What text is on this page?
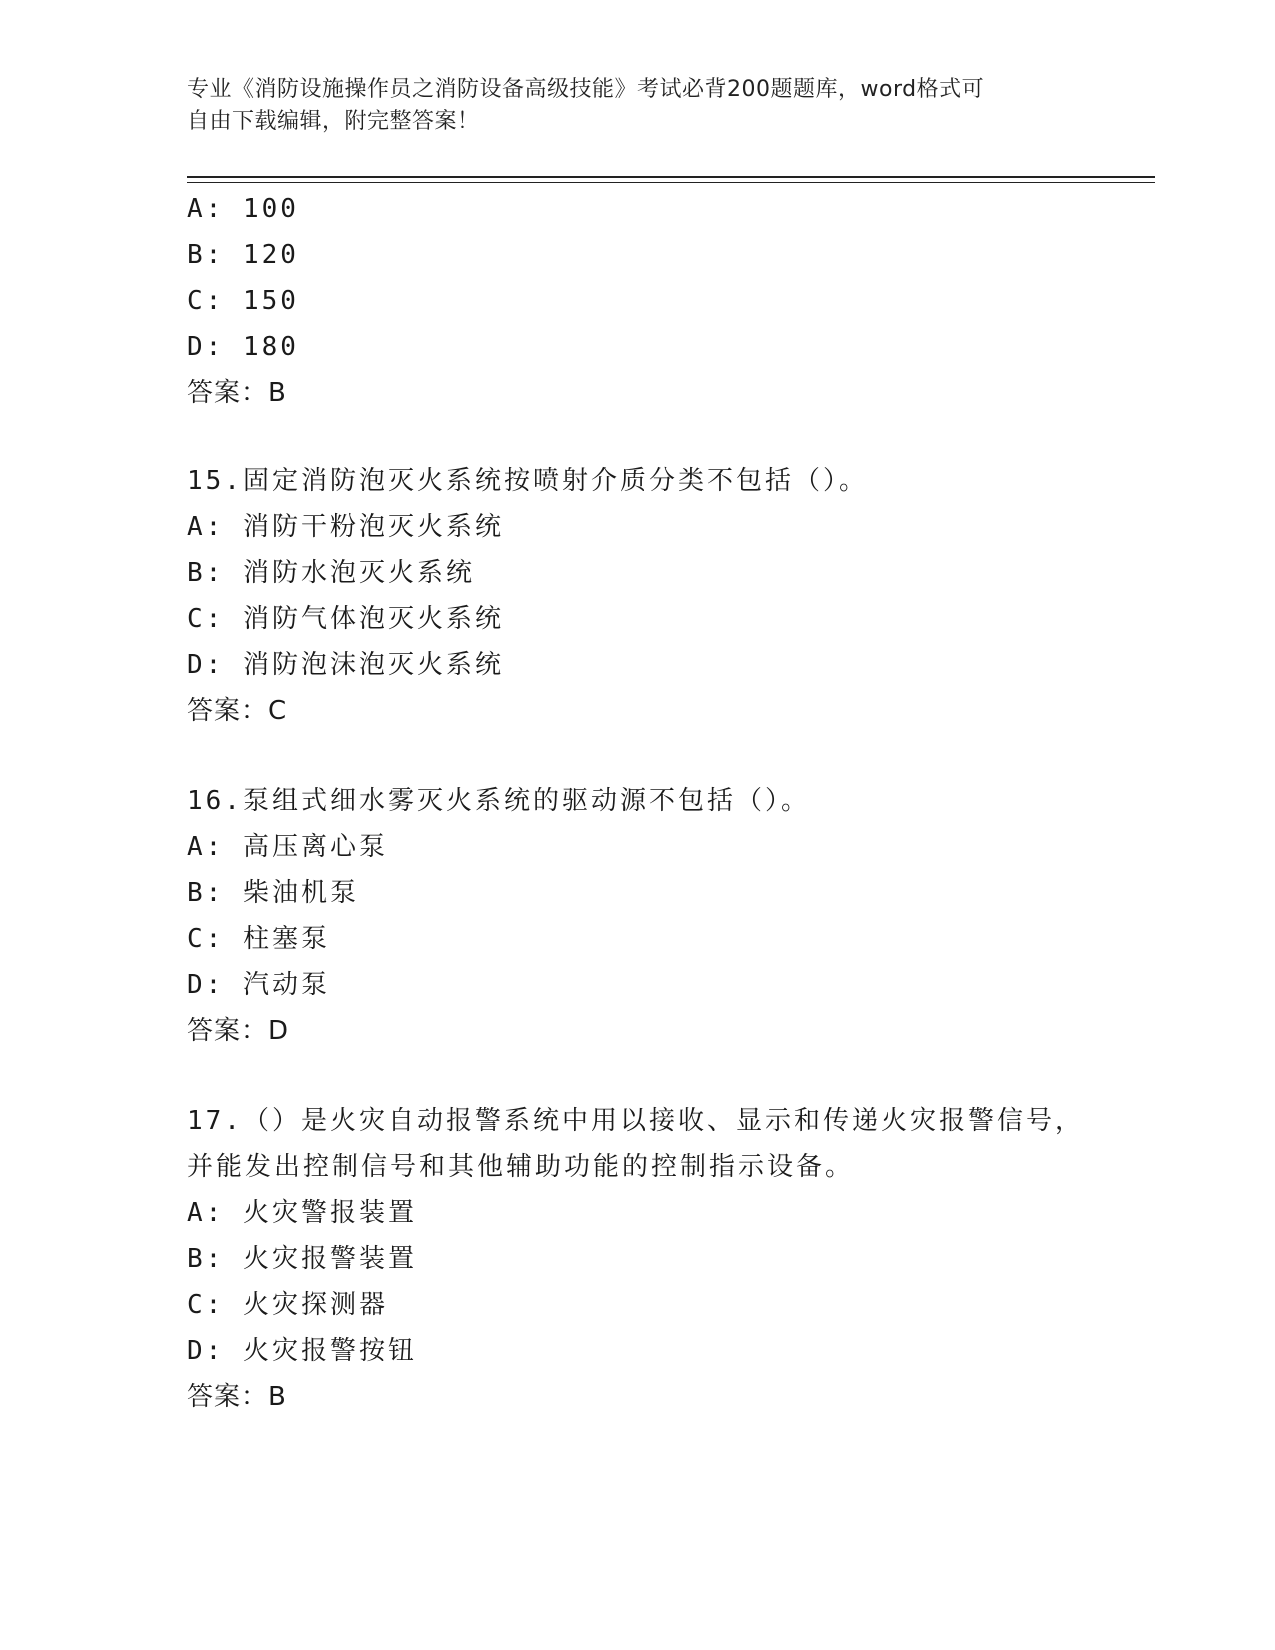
专业《消防设施操作员之消防设备高级技能》考试必背200题题库，word格式可
自由下载编辑，附完整答案！
A: 100
B: 120
C: 150
D: 180
答案：B
15.固定消防泡灭火系统按喷射介质分类不包括（）。
A: 消防干粉泡灭火系统
B: 消防水泡灭火系统
C: 消防气体泡灭火系统
D: 消防泡沫泡灭火系统
答案：C
16.泵组式细水雾灭火系统的驱动源不包括（）。
A: 高压离心泵
B: 柴油机泵
C: 柱塞泵
D: 汽动泵
答案：D
17.（）是火灾自动报警系统中用以接收、显示和传递火灾报警信号，
并能发出控制信号和其他辅助功能的控制指示设备。
A: 火灾警报装置
B: 火灾报警装置
C: 火灾探测器
D: 火灾报警按钮
答案：B
